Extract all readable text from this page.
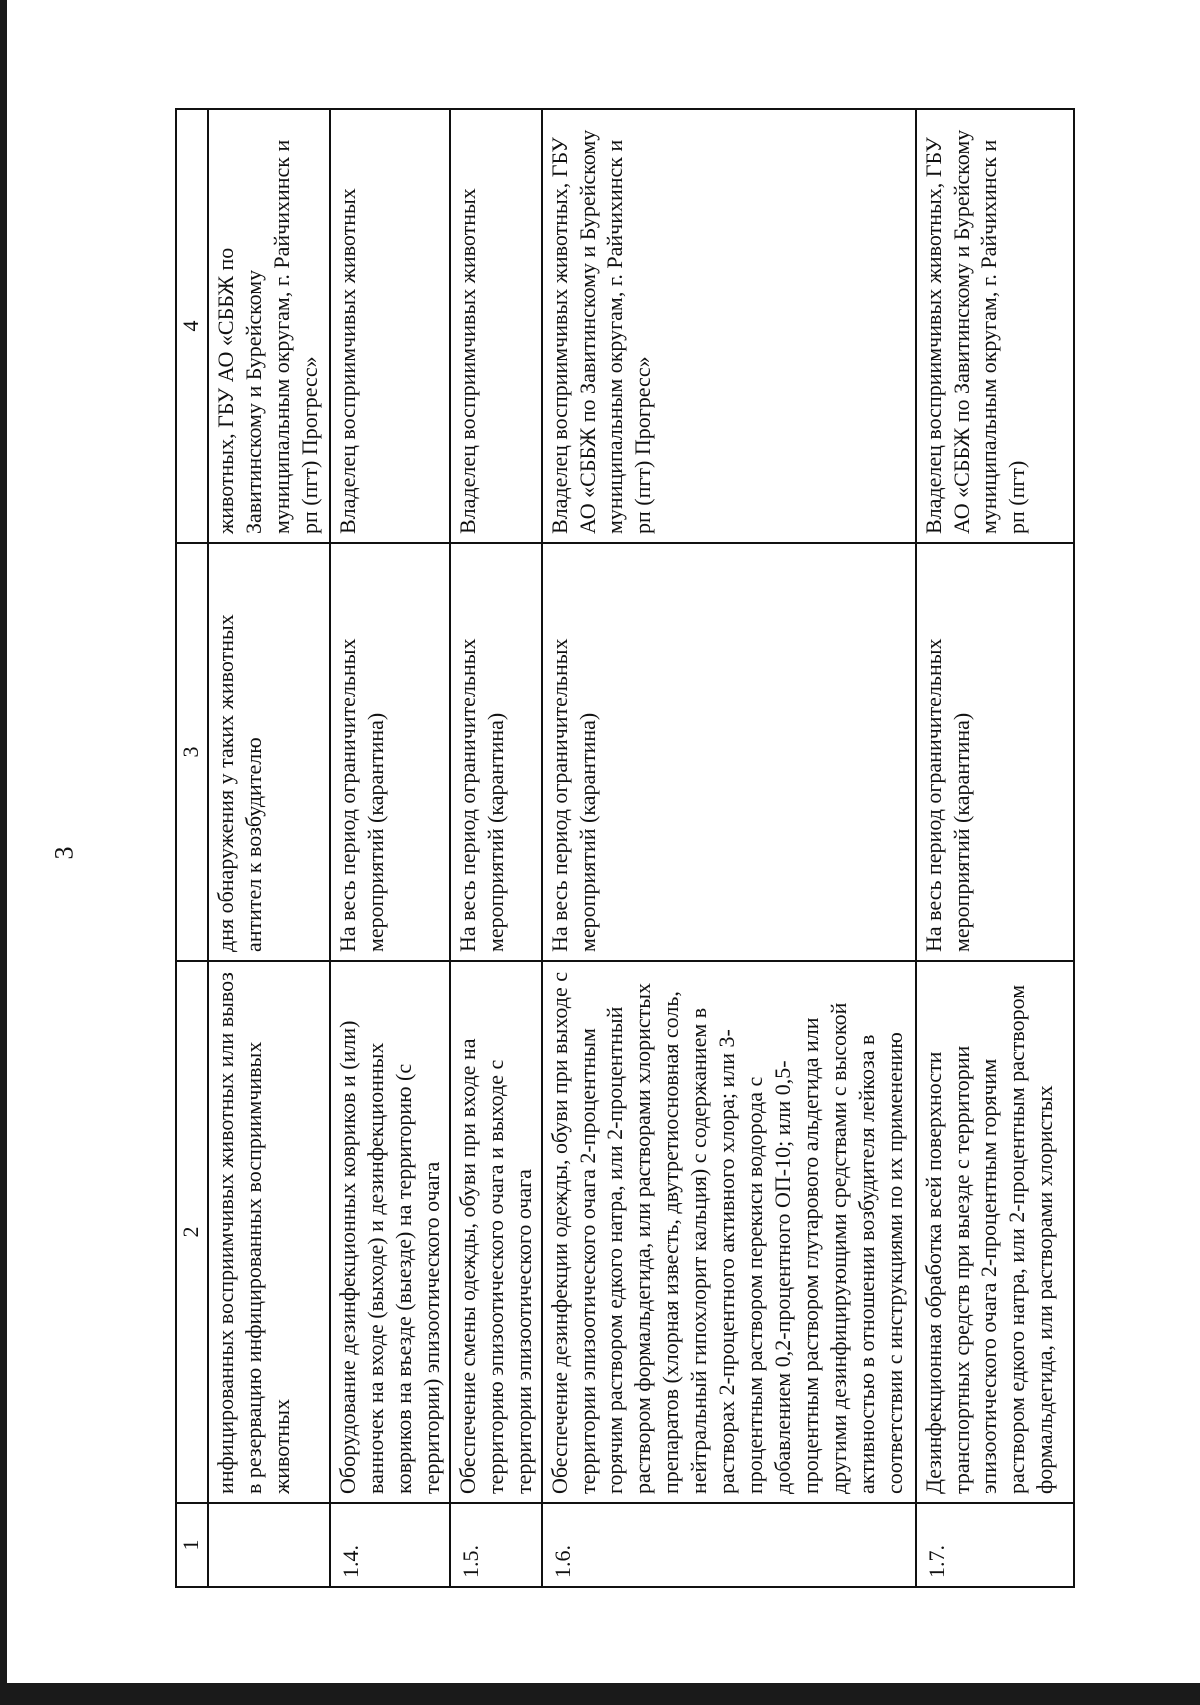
3
1	2	3	4
	инфицированных восприимчивых животных или вывоз в резервацию инфицированных восприимчивых животных	дня обнаружения у таких животных антител к возбудителю	животных, ГБУ АО «СББЖ по Завитинскому и Бурейскому муниципальным округам, г. Райчихинск и рп (пгт) Прогресс»
1.4.	Оборудование дезинфекционных ковриков и (или) ванночек на входе (выходе) и дезинфекционных ковриков на въезде (выезде) на территорию (с территории) эпизоотического очага	На весь период ограничительных мероприятий (карантина)	Владелец восприимчивых животных
1.5.	Обеспечение смены одежды, обуви при входе на территорию эпизоотического очага и выходе с территории эпизоотического очага	На весь период ограничительных мероприятий (карантина)	Владелец восприимчивых животных
1.6.	Обеспечение дезинфекции одежды, обуви при выходе с территории эпизоотического очага 2-процентным горячим раствором едкого натра, или 2-процентный раствором формальдегида, или растворами хлористых препаратов (хлорная известь, двутретиосновная соль, нейтральный гипохлорит кальция) с содержанием в растворах 2-процентного активного хлора; или 3-процентным раствором перекиси водорода с добавлением 0,2-процентного ОП-10; или 0,5-процентным раствором глутарового альдегида или другими дезинфицирующими средствами с высокой активностью в отношении возбудителя лейкоза в соответствии с инструкциями по их применению	На весь период ограничительных мероприятий (карантина)	Владелец восприимчивых животных, ГБУ АО «СББЖ по Завитинскому и Бурейскому муниципальным округам, г. Райчихинск и рп (пгт) Прогресс»
1.7.	Дезинфекционная обработка всей поверхности транспортных средств при выезде с территории эпизоотического очага 2-процентным горячим раствором едкого натра, или 2-процентным раствором формальдегида, или растворами хлористых	На весь период ограничительных мероприятий (карантина)	Владелец восприимчивых животных, ГБУ АО «СББЖ по Завитинскому и Бурейскому муниципальным округам, г. Райчихинск и рп (пгт)
